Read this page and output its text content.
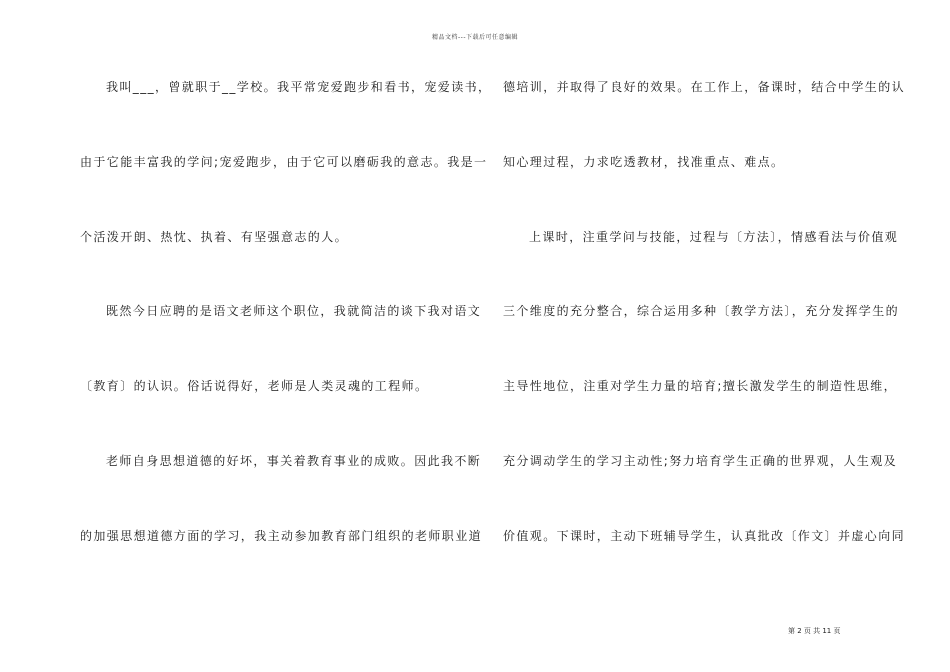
精品文档---下载后可任意编辑
我叫___，曾就职于__学校。我平常宠爱跑步和看书，宠爱读书，
由于它能丰富我的学问;宠爱跑步，由于它可以磨砺我的意志。我是一
个活泼开朗、热忱、执着、有坚强意志的人。
既然今日应聘的是语文老师这个职位，我就简洁的谈下我对语文
〔教育〕的认识。俗话说得好，老师是人类灵魂的工程师。
老师自身思想道德的好坏，事关着教育事业的成败。因此我不断
的加强思想道德方面的学习，我主动参加教育部门组织的老师职业道
德培训，并取得了良好的效果。在工作上，备课时，结合中学生的认
知心理过程，力求吃透教材，找准重点、难点。
上课时，注重学问与技能，过程与〔方法〕，情感看法与价值观
三个维度的充分整合，综合运用多种〔教学方法〕，充分发挥学生的
主导性地位，注重对学生力量的培育;擅长激发学生的制造性思维，
充分调动学生的学习主动性;努力培育学生正确的世界观，人生观及
价值观。下课时，主动下班辅导学生，认真批改〔作文〕并虚心向同
第 2 页 共 11 页
